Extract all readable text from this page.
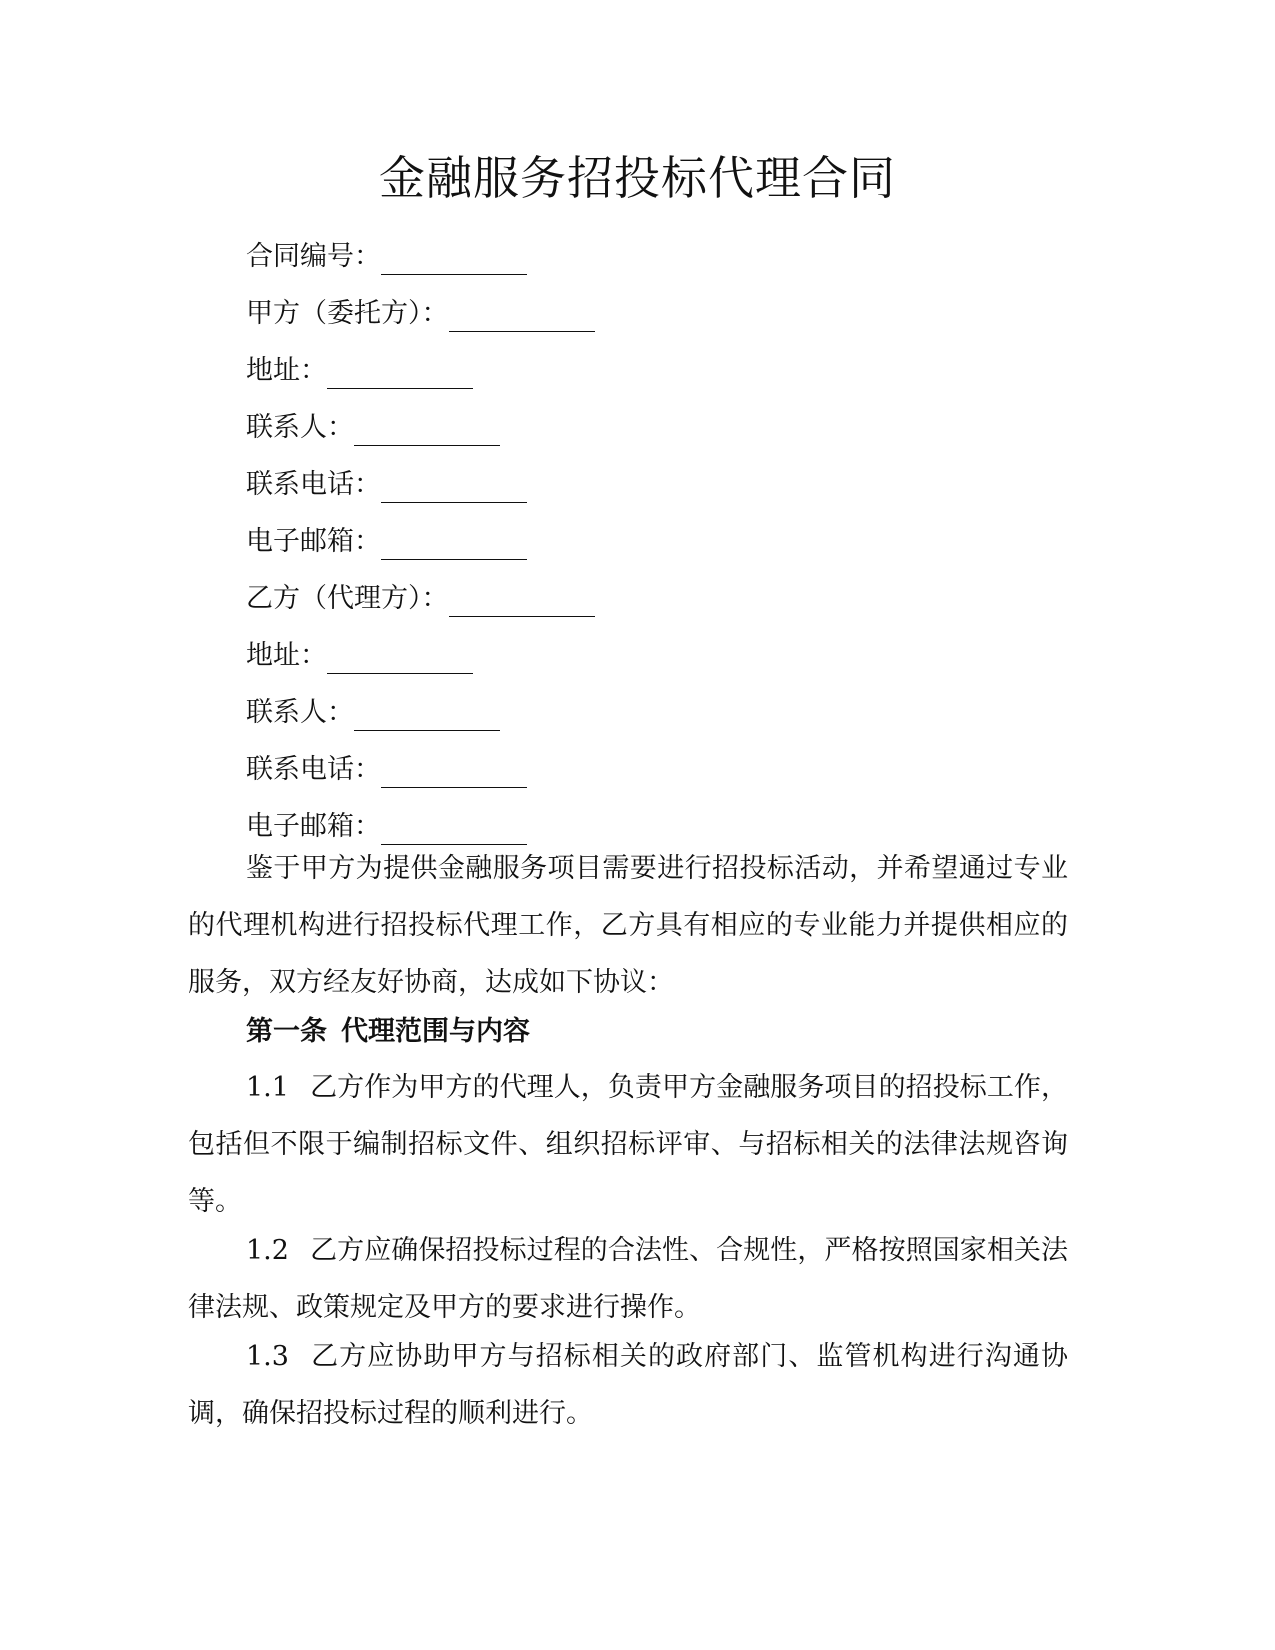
金融服务招投标代理合同
合同编号：
甲方（委托方）：
地址：
联系人：
联系电话：
电子邮箱：
乙方（代理方）：
地址：
联系人：
联系电话：
电子邮箱：

鉴于甲方为提供金融服务项目需要进行招投标活动，并希望通过专业的代理机构进行招投标代理工作，乙方具有相应的专业能力并提供相应的服务，双方经友好协商，达成如下协议：

第一条 代理范围与内容

1.1 乙方作为甲方的代理人，负责甲方金融服务项目的招投标工作，包括但不限于编制招标文件、组织招标评审、与招标相关的法律法规咨询等。

1.2 乙方应确保招投标过程的合法性、合规性，严格按照国家相关法律法规、政策规定及甲方的要求进行操作。

1.3 乙方应协助甲方与招标相关的政府部门、监管机构进行沟通协调，确保招投标过程的顺利进行。
